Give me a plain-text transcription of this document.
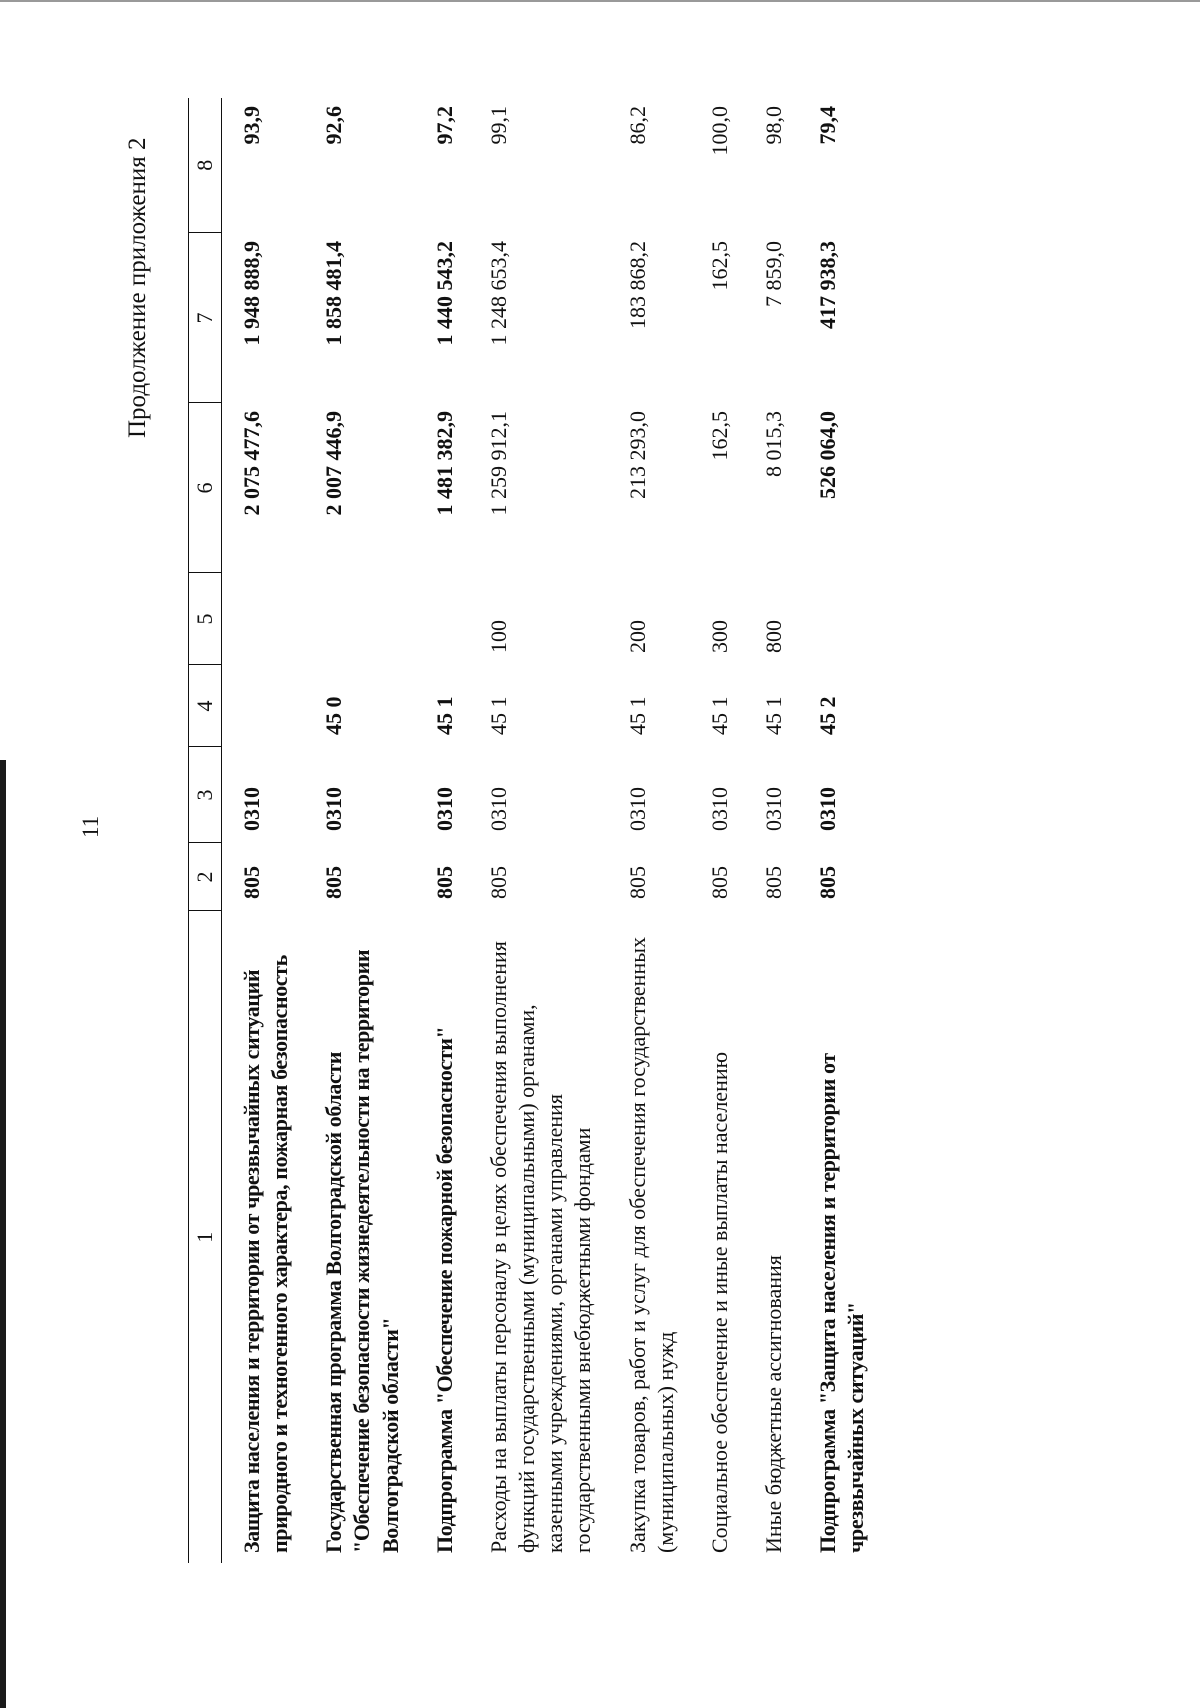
11
Продолжение приложения 2
1	2	3	4	5	6	7	8
Защита населения и территории от чрезвычайных ситуаций природного и техногенного характера, пожарная безопасность	805	0310			2 075 477,6	1 948 888,9	93,9
Государственная программа Волгоградской области "Обеспечение безопасности жизнедеятельности на территории Волгоградской области"	805	0310	45 0		2 007 446,9	1 858 481,4	92,6
Подпрограмма "Обеспечение пожарной безопасности"	805	0310	45 1		1 481 382,9	1 440 543,2	97,2
Расходы на выплаты персоналу в целях обеспечения выполнения функций государственными (муниципальными) органами, казенными учреждениями, органами управления государственными внебюджетными фондами	805	0310	45 1	100	1 259 912,1	1 248 653,4	99,1
Закупка товаров, работ и услуг для обеспечения государственных (муниципальных) нужд	805	0310	45 1	200	213 293,0	183 868,2	86,2
Социальное обеспечение и иные выплаты населению	805	0310	45 1	300	162,5	162,5	100,0
Иные бюджетные ассигнования	805	0310	45 1	800	8 015,3	7 859,0	98,0
Подпрограмма "Защита населения и территории от чрезвычайных ситуаций"	805	0310	45 2		526 064,0	417 938,3	79,4
